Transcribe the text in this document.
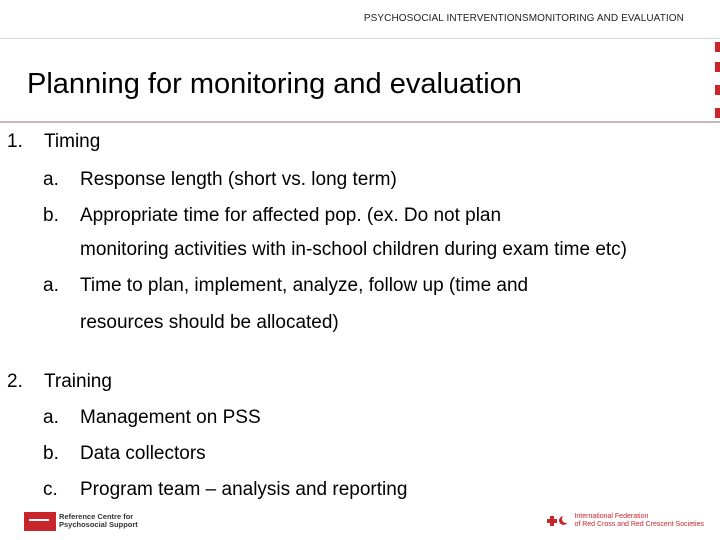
PSYCHOSOCIAL INTERVENTIONSMONITORING AND EVALUATION
Planning for monitoring and evaluation
1. Timing
a. Response length (short vs. long term)
b. Appropriate time for affected pop. (ex. Do not plan
monitoring activities with in-school children during exam time etc)
a. Time to plan, implement, analyze, follow up (time and
resources should be allocated)
2. Training
a. Management on PSS
b. Data collectors
c. Program team – analysis and reporting
Reference Centre for
Psychosocial Support
International Federation
of Red Cross and Red Crescent Societies
